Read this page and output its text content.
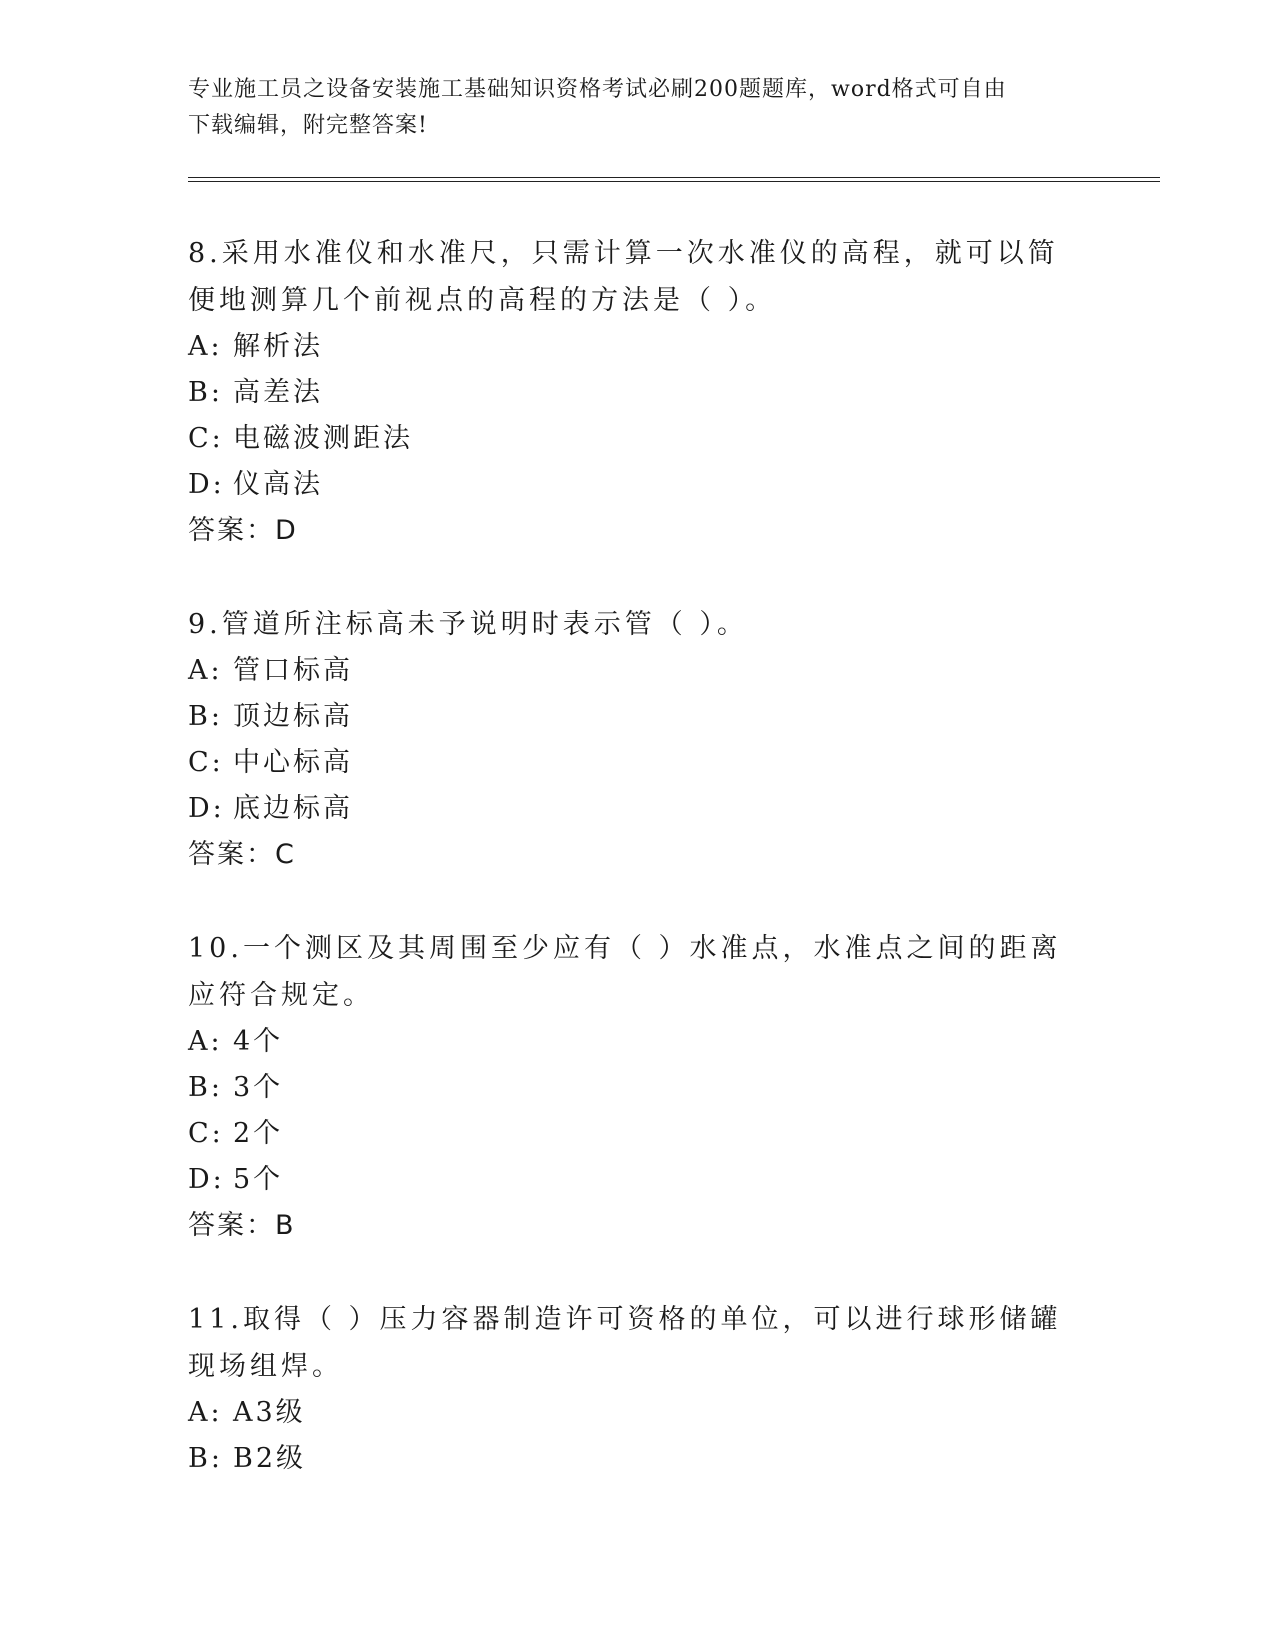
专业施工员之设备安装施工基础知识资格考试必刷200题题库，word格式可自由
下载编辑，附完整答案!
8.采用水准仪和水准尺，只需计算一次水准仪的高程，就可以简便地测算几个前视点的高程的方法是（ ）。
A: 解析法
B: 高差法
C: 电磁波测距法
D: 仪高法
答案：D
9.管道所注标高未予说明时表示管（ ）。
A: 管口标高
B: 顶边标高
C: 中心标高
D: 底边标高
答案：C
10.一个测区及其周围至少应有（ ）水准点，水准点之间的距离应符合规定。
A: 4个
B: 3个
C: 2个
D: 5个
答案：B
11.取得（ ）压力容器制造许可资格的单位，可以进行球形储罐现场组焊。
A: A3级
B: B2级
